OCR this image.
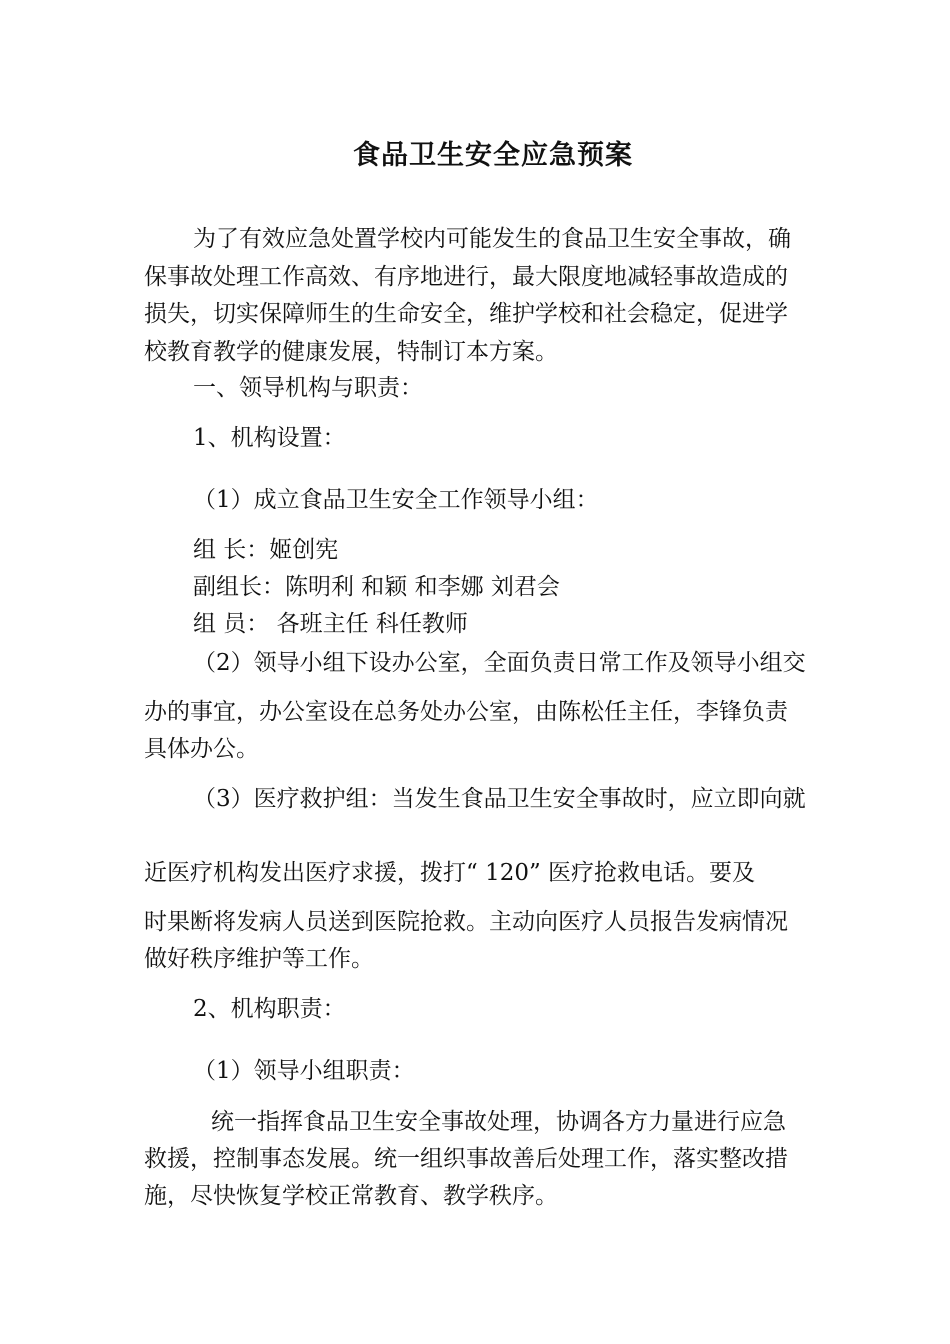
食品卫生安全应急预案
为了有效应急处置学校内可能发生的食品卫生安全事故，确
保事故处理工作高效、有序地进行，最大限度地减轻事故造成的
损失，切实保障师生的生命安全，维护学校和社会稳定，促进学
校教育教学的健康发展，特制订本方案。
一、领导机构与职责：
1、机构设置：
（1）成立食品卫生安全工作领导小组：
组 长：姬创宪
副组长：陈明利 和颖 和李娜 刘君会
组 员： 各班主任 科任教师
（2）领导小组下设办公室，全面负责日常工作及领导小组交
办的事宜，办公室设在总务处办公室，由陈松任主任，李锋负责
具体办公。
（3）医疗救护组：当发生食品卫生安全事故时，应立即向就
近医疗机构发出医疗求援，拨打“ 120” 医疗抢救电话。要及
时果断将发病人员送到医院抢救。主动向医疗人员报告发病情况
做好秩序维护等工作。
2、机构职责：
（1）领导小组职责：
统一指挥食品卫生安全事故处理，协调各方力量进行应急
救援，控制事态发展。统一组织事故善后处理工作，落实整改措
施，尽快恢复学校正常教育、教学秩序。
